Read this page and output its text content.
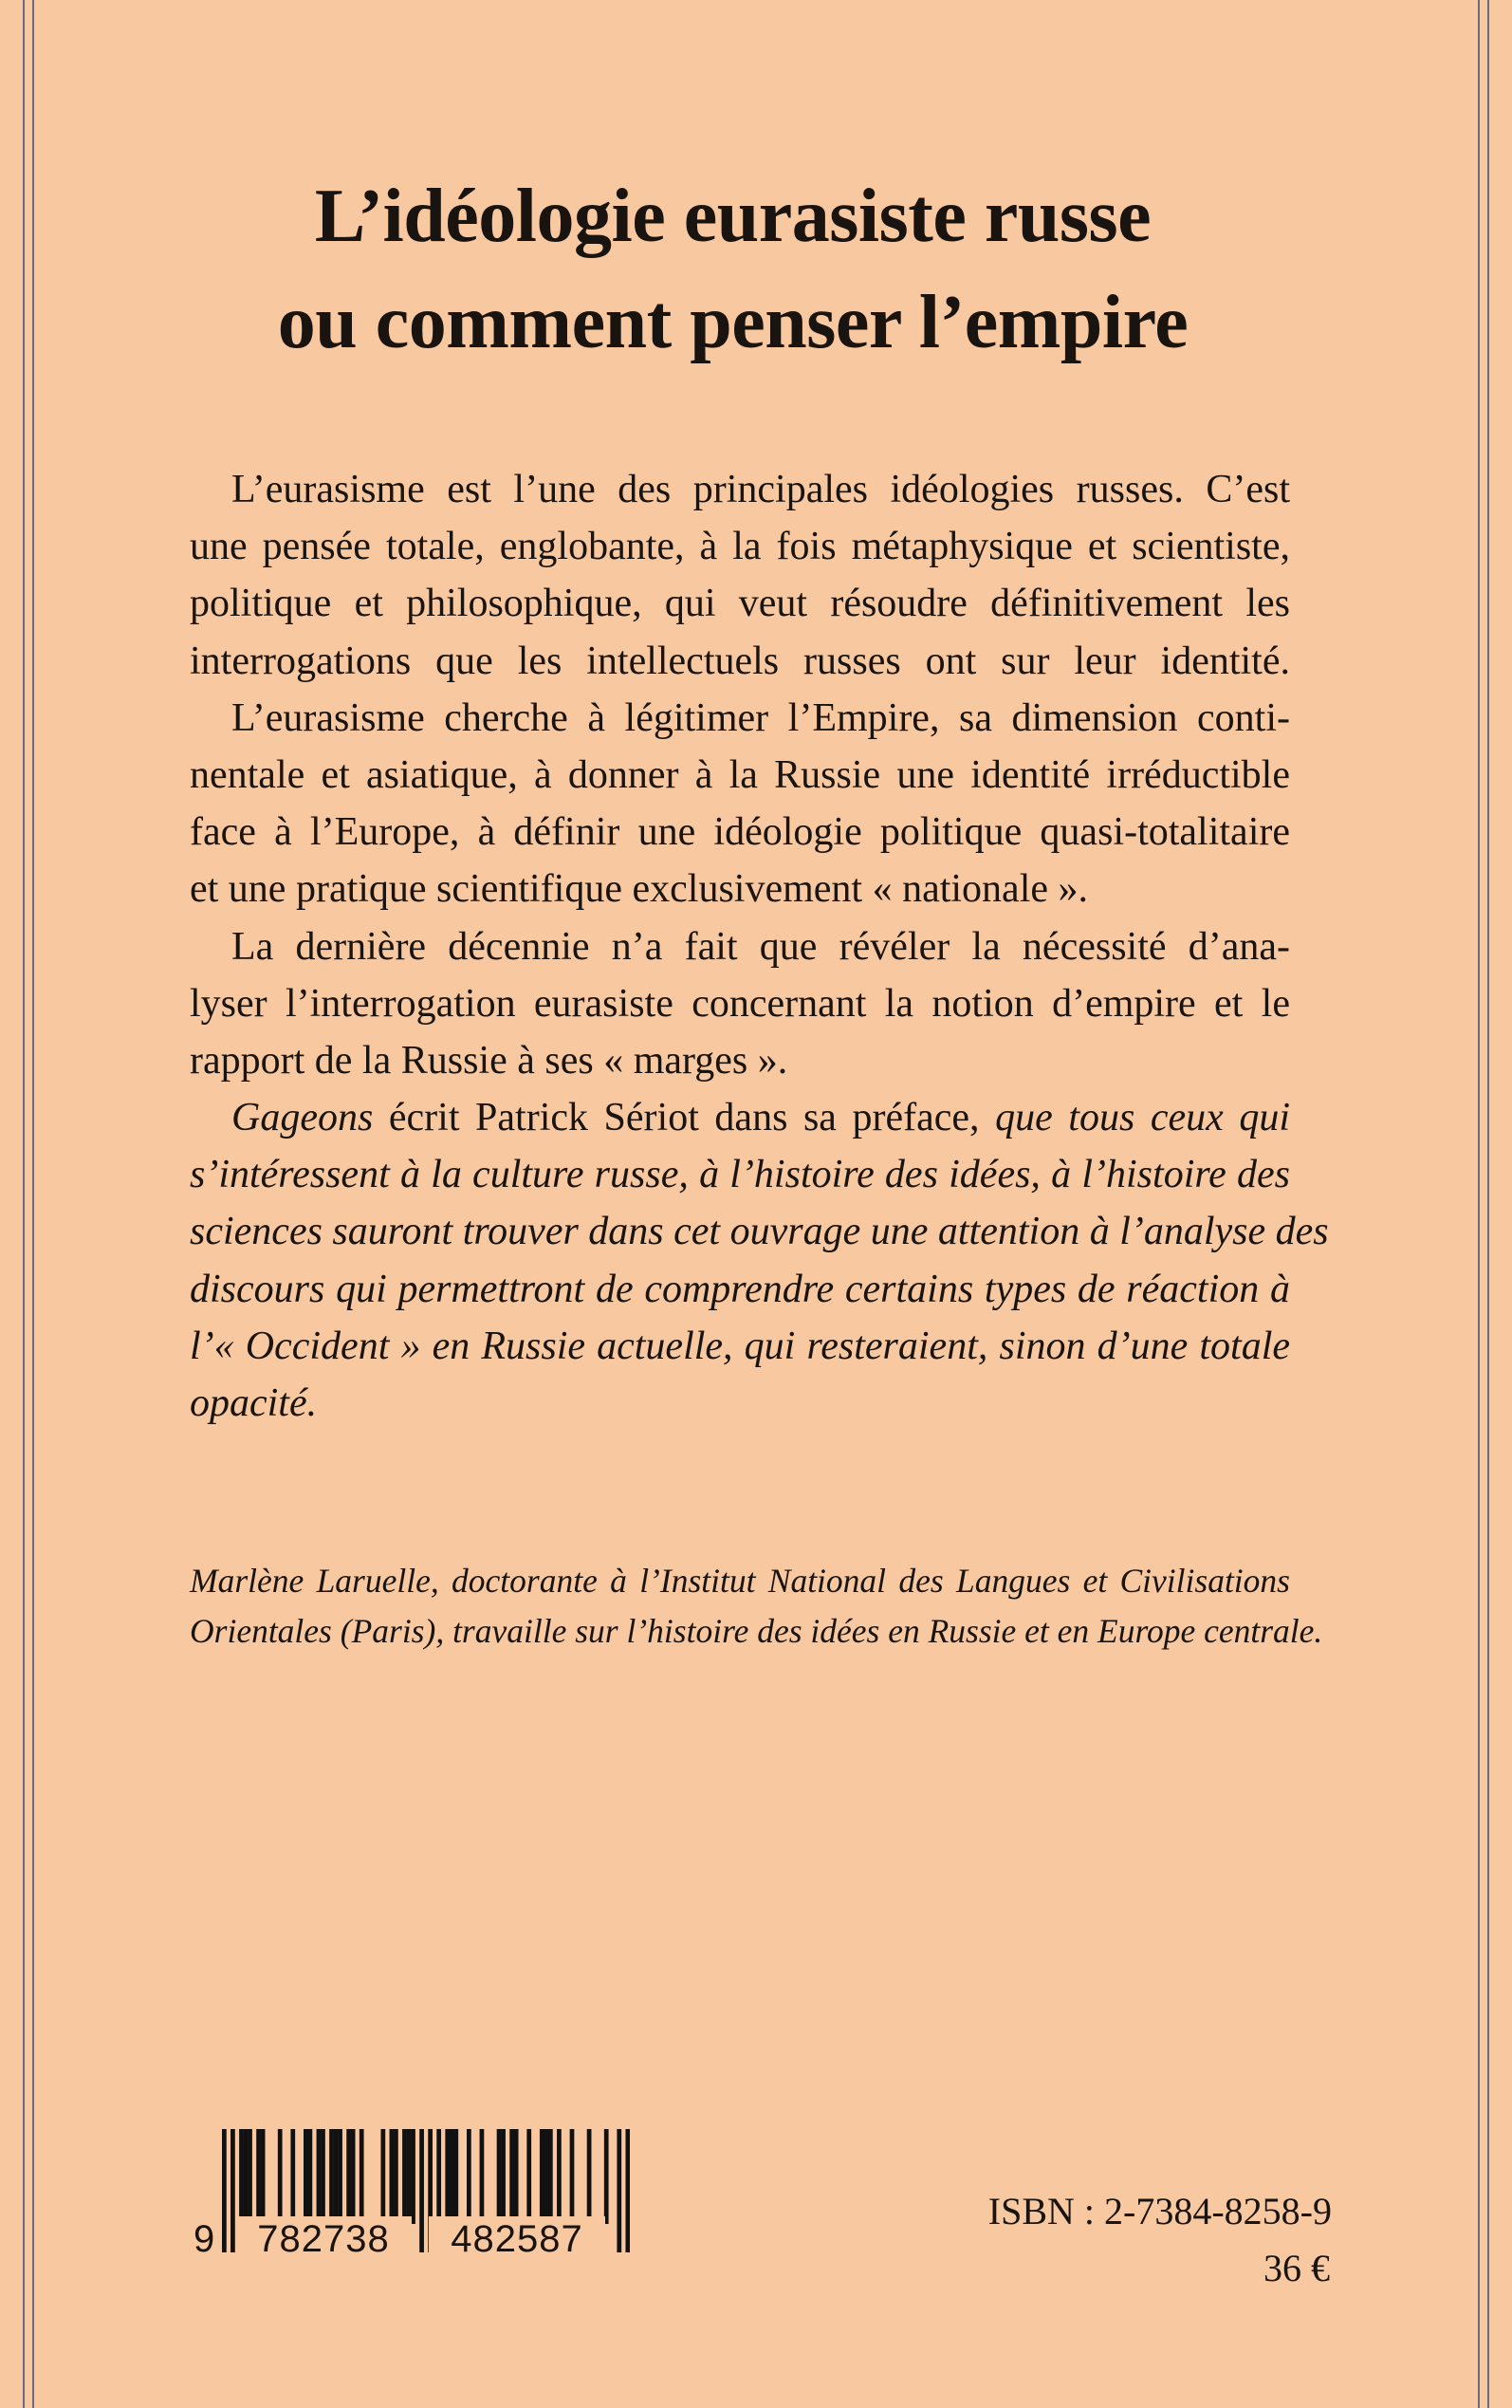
L’idéologie eurasiste russe
ou comment penser l’empire
L’eurasisme est l’une des principales idéologies russes. C’est
une pensée totale, englobante, à la fois métaphysique et scientiste,
politique et philosophique, qui veut résoudre définitivement les
interrogations que les intellectuels russes ont sur leur identité.
L’eurasisme cherche à légitimer l’Empire, sa dimension conti-
nentale et asiatique, à donner à la Russie une identité irréductible
face à l’Europe, à définir une idéologie politique quasi-totalitaire
et une pratique scientifique exclusivement « nationale ».
La dernière décennie n’a fait que révéler la nécessité d’ana-
lyser l’interrogation eurasiste concernant la notion d’empire et le
rapport de la Russie à ses « marges ».
Gageons écrit Patrick Sériot dans sa préface, que tous ceux qui
s’intéressent à la culture russe, à l’histoire des idées, à l’histoire des
sciences sauront trouver dans cet ouvrage une attention à l’analyse des
discours qui permettront de comprendre certains types de réaction à
l’« Occident » en Russie actuelle, qui resteraient, sinon d’une totale
opacité.
Marlène Laruelle, doctorante à l’Institut National des Langues et Civilisations
Orientales (Paris), travaille sur l’histoire des idées en Russie et en Europe centrale.
9	782738	482587
ISBN : 2-7384-8258-9
36 €
